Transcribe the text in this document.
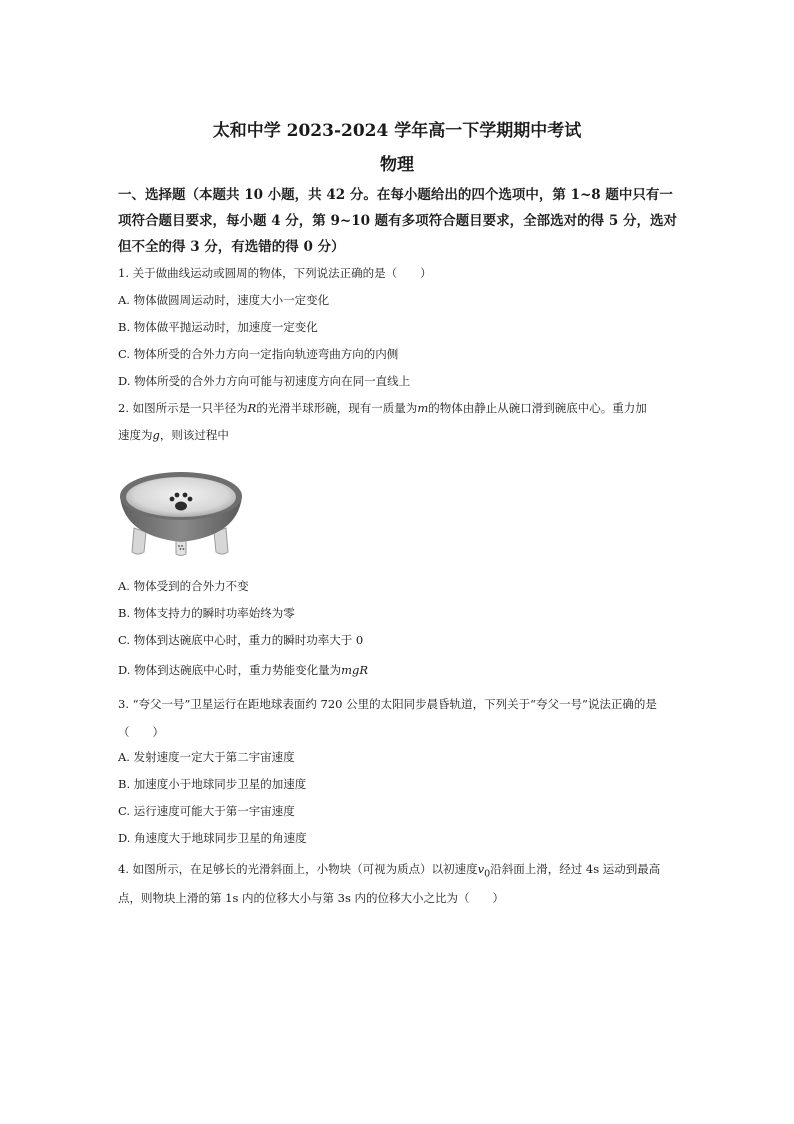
太和中学 2023-2024 学年高一下学期期中考试
物理
一、选择题（本题共 10 小题，共 42 分。在每小题给出的四个选项中，第 1~8 题中只有一项符合题目要求，每小题 4 分，第 9~10 题有多项符合题目要求，全部选对的得 5 分，选对但不全的得 3 分，有选错的得 0 分）
1. 关于做曲线运动或圆周的物体，下列说法正确的是（　　）
A. 物体做圆周运动时，速度大小一定变化
B. 物体做平抛运动时，加速度一定变化
C. 物体所受的合外力方向一定指向轨迹弯曲方向的内侧
D. 物体所受的合外力方向可能与初速度方向在同一直线上
2. 如图所示是一只半径为R的光滑半球形碗，现有一质量为m的物体由静止从碗口滑到碗底中心。重力加
速度为g，则该过程中
A. 物体受到的合外力不变
B. 物体支持力的瞬时功率始终为零
C. 物体到达碗底中心时，重力的瞬时功率大于 0
D. 物体到达碗底中心时，重力势能变化量为mgR
3. “夸父一号”卫星运行在距地球表面约 720 公里的太阳同步晨昏轨道，下列关于“夸父一号”说法正确的是（　　）
A. 发射速度一定大于第二宇宙速度
B. 加速度小于地球同步卫星的加速度
C. 运行速度可能大于第一宇宙速度
D. 角速度大于地球同步卫星的角速度
4. 如图所示，在足够长的光滑斜面上，小物块（可视为质点）以初速度$v_0$沿斜面上滑，经过 4s 运动到最高
点，则物块上滑的第 1s 内的位移大小与第 3s 内的位移大小之比为（　　）
